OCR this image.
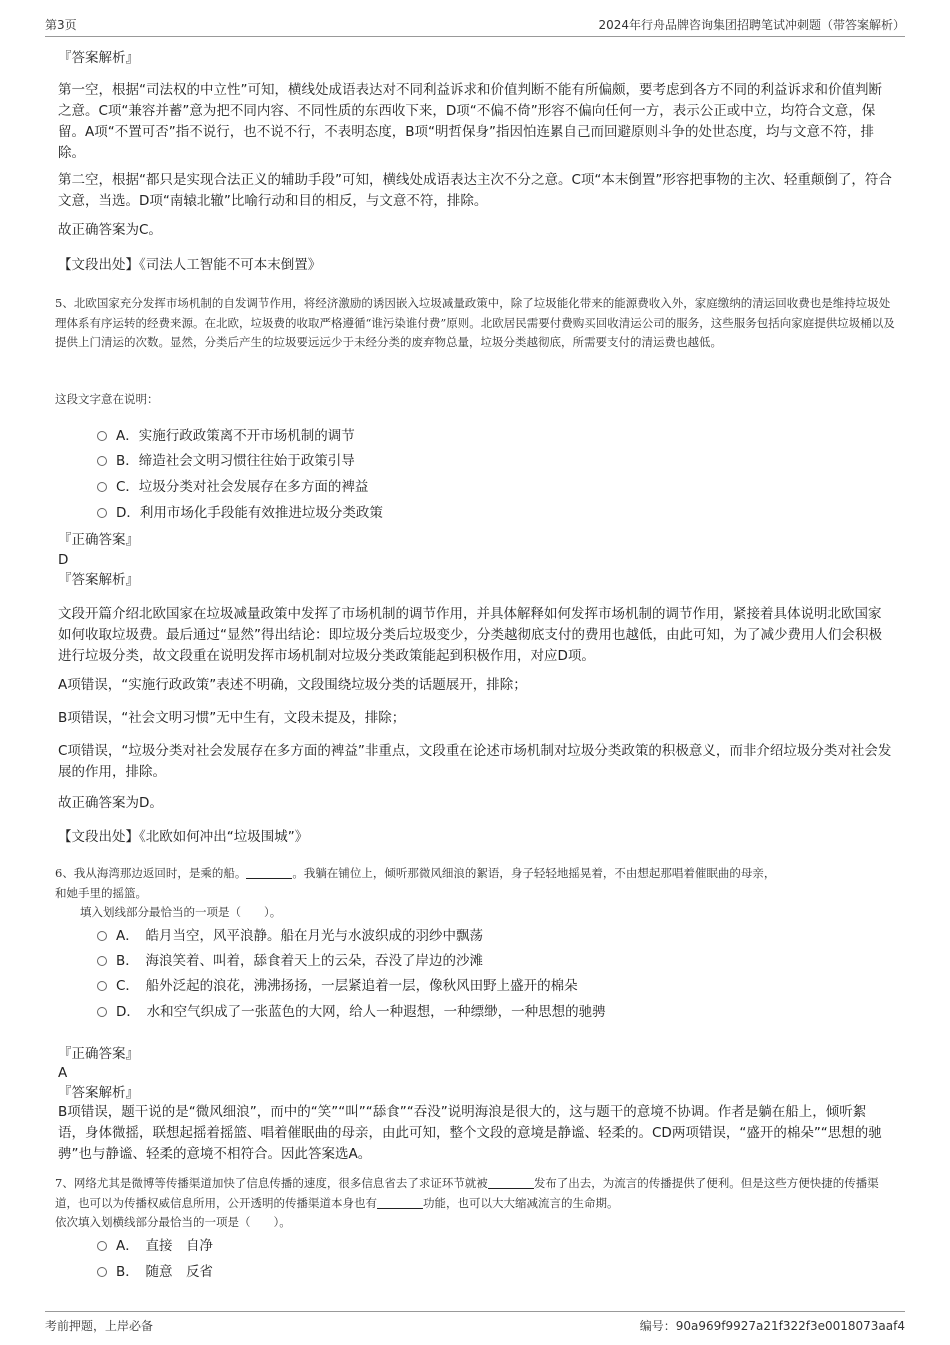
第3页	2024年行舟品牌咨询集团招聘笔试冲刺题（带答案解析）
『答案解析』
第一空，根据“司法权的中立性”可知，横线处成语表达对不同利益诉求和价值判断不能有所偏颇，要考虑到各方不同的利益诉求和价值判断之意。C项“兼容并蓄”意为把不同内容、不同性质的东西收下来，D项“不偏不倚”形容不偏向任何一方，表示公正或中立，均符合文意，保留。A项“不置可否”指不说行，也不说不行，不表明态度，B项“明哲保身”指因怕连累自己而回避原则斗争的处世态度，均与文意不符，排除。
第二空，根据“都只是实现合法正义的辅助手段”可知，横线处成语表达主次不分之意。C项“本末倒置”形容把事物的主次、轻重颠倒了，符合文意，当选。D项“南辕北辙”比喻行动和目的相反，与文意不符，排除。
故正确答案为C。
【文段出处】《司法人工智能不可本末倒置》
5、北欧国家充分发挥市场机制的自发调节作用，将经济激励的诱因嵌入垃圾减量政策中，除了垃圾能化带来的能源费收入外，家庭缴纳的清运回收费也是维持垃圾处理体系有序运转的经费来源。在北欧，垃圾费的收取严格遵循“谁污染谁付费”原则。北欧居民需要付费购买回收清运公司的服务，这些服务包括向家庭提供垃圾桶以及提供上门清运的次数。显然，分类后产生的垃圾要远远少于未经分类的废弃物总量，垃圾分类越彻底，所需要支付的清运费也越低。
这段文字意在说明：
A．实施行政政策离不开市场机制的调节
B．缔造社会文明习惯往往始于政策引导
C．垃圾分类对社会发展存在多方面的裨益
D．利用市场化手段能有效推进垃圾分类政策
『正确答案』
D
『答案解析』
文段开篇介绍北欧国家在垃圾减量政策中发挥了市场机制的调节作用，并具体解释如何发挥市场机制的调节作用，紧接着具体说明北欧国家如何收取垃圾费。最后通过“显然”得出结论：即垃圾分类后垃圾变少，分类越彻底支付的费用也越低，由此可知，为了减少费用人们会积极进行垃圾分类，故文段重在说明发挥市场机制对垃圾分类政策能起到积极作用，对应D项。
A项错误，“实施行政政策”表述不明确，文段围绕垃圾分类的话题展开，排除；
B项错误，“社会文明习惯”无中生有，文段未提及，排除；
C项错误，“垃圾分类对社会发展存在多方面的裨益”非重点，文段重在论述市场机制对垃圾分类政策的积极意义，而非介绍垃圾分类对社会发展的作用，排除。
故正确答案为D。
【文段出处】《北欧如何冲出“垃圾围城”》
6、我从海湾那边返回时，是乘的船。	。我躺在铺位上，倾听那微风细浪的絮语，身子轻轻地摇晃着，不由想起那唱着催眠曲的母亲，
和她手里的摇篮。
填入划线部分最恰当的一项是（　　）。
A．　皓月当空，风平浪静。船在月光与水波织成的羽纱中飘荡
B．　海浪笑着、叫着，舔食着天上的云朵，吞没了岸边的沙滩
C．　船外泛起的浪花，沸沸扬扬，一层紧追着一层，像秋风田野上盛开的棉朵
D．　水和空气织成了一张蓝色的大网，给人一种遐想，一种缥缈，一种思想的驰骋
『正确答案』
A
『答案解析』
B项错误，题干说的是“微风细浪”，而中的“笑”“叫”“舔食”“吞没”说明海浪是很大的，这与题干的意境不协调。作者是躺在船上，倾听絮语，身体微摇，联想起摇着摇篮、唱着催眠曲的母亲，由此可知，整个文段的意境是静谧、轻柔的。CD两项错误，“盛开的棉朵”“思想的驰骋”也与静谧、轻柔的意境不相符合。因此答案选A。
7、网络尤其是微博等传播渠道加快了信息传播的速度，很多信息省去了求证环节就被	发布了出去，为流言的传播提供了便利。但是这些方便快捷的传播渠道，也可以为传播权威信息所用，公开透明的传播渠道本身也有	功能，也可以大大缩减流言的生命期。
依次填入划横线部分最恰当的一项是（　　）。
A．　直接　自净
B．　随意　反省
考前押题，上岸必备	编号：90a969f9927a21f322f3e0018073aaf4
